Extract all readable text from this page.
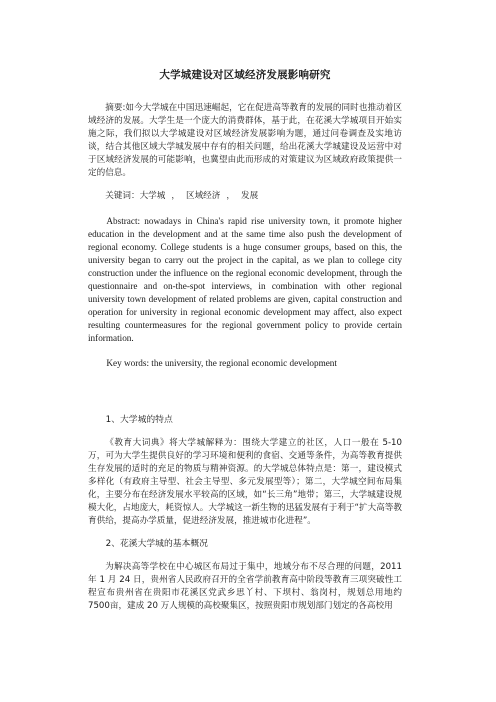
大学城建设对区域经济发展影响研究

摘要:如今大学城在中国迅速崛起，它在促进高等教育的发展的同时也推动着区域经济的发展。大学生是一个庞大的消费群体，基于此，在花溪大学城项目开始实施之际，我们拟以大学城建设对区域经济发展影响为题，通过问卷调查及实地访谈，结合其他区域大学城发展中存有的相关问题，给出花溪大学城建设及运营中对于区域经济发展的可能影响，也冀望由此而形成的对策建议为区域政府政策提供一定的信息。

关键词：大学城 ， 区域经济 ， 发展

Abstract: nowadays in China's rapid rise university town, it promote higher education in the development and at the same time also push the development of regional economy. College students is a huge consumer groups, based on this, the university began to carry out the project in the capital, as we plan to college city construction under the influence on the regional economic development, through the questionnaire and on-the-spot interviews, in combination with other regional university town development of related problems are given, capital construction and operation for university in regional economic development may affect, also expect resulting countermeasures for the regional government policy to provide certain information.

Key words: the university, the regional economic development

1、大学城的特点

《教育大词典》将大学城解释为：围绕大学建立的社区，人口一般在 5-10万，可为大学生提供良好的学习环境和便利的食宿、交通等条件，为高等教育提供生存发展的适时的充足的物质与精神资源。的大学城总体特点是：第一，建设模式多样化（有政府主导型、社会主导型、多元发展型等）；第二，大学城空间布局集化，主要分布在经济发展水平较高的区域，如“长三角”地带；第三，大学城建设规模大化，占地庞大，耗资惊人。大学城这一新生物的迅猛发展有于利于“扩大高等教育供给，提高办学质量，促进经济发展，推进城市化进程”。

2、花溪大学城的基本概况

为解决高等学校在中心城区布局过于集中，地域分布不尽合理的问题，2011年 1 月 24 日，贵州省人民政府召开的全省学前教育高中阶段等教育三项突破性工程宣布贵州省在贵阳市花溪区党武乡思丫村、下坝村、翁岗村，规划总用地约7500亩，建成 20 万人规模的高校聚集区，按照贵阳市规划部门划定的各高校用
